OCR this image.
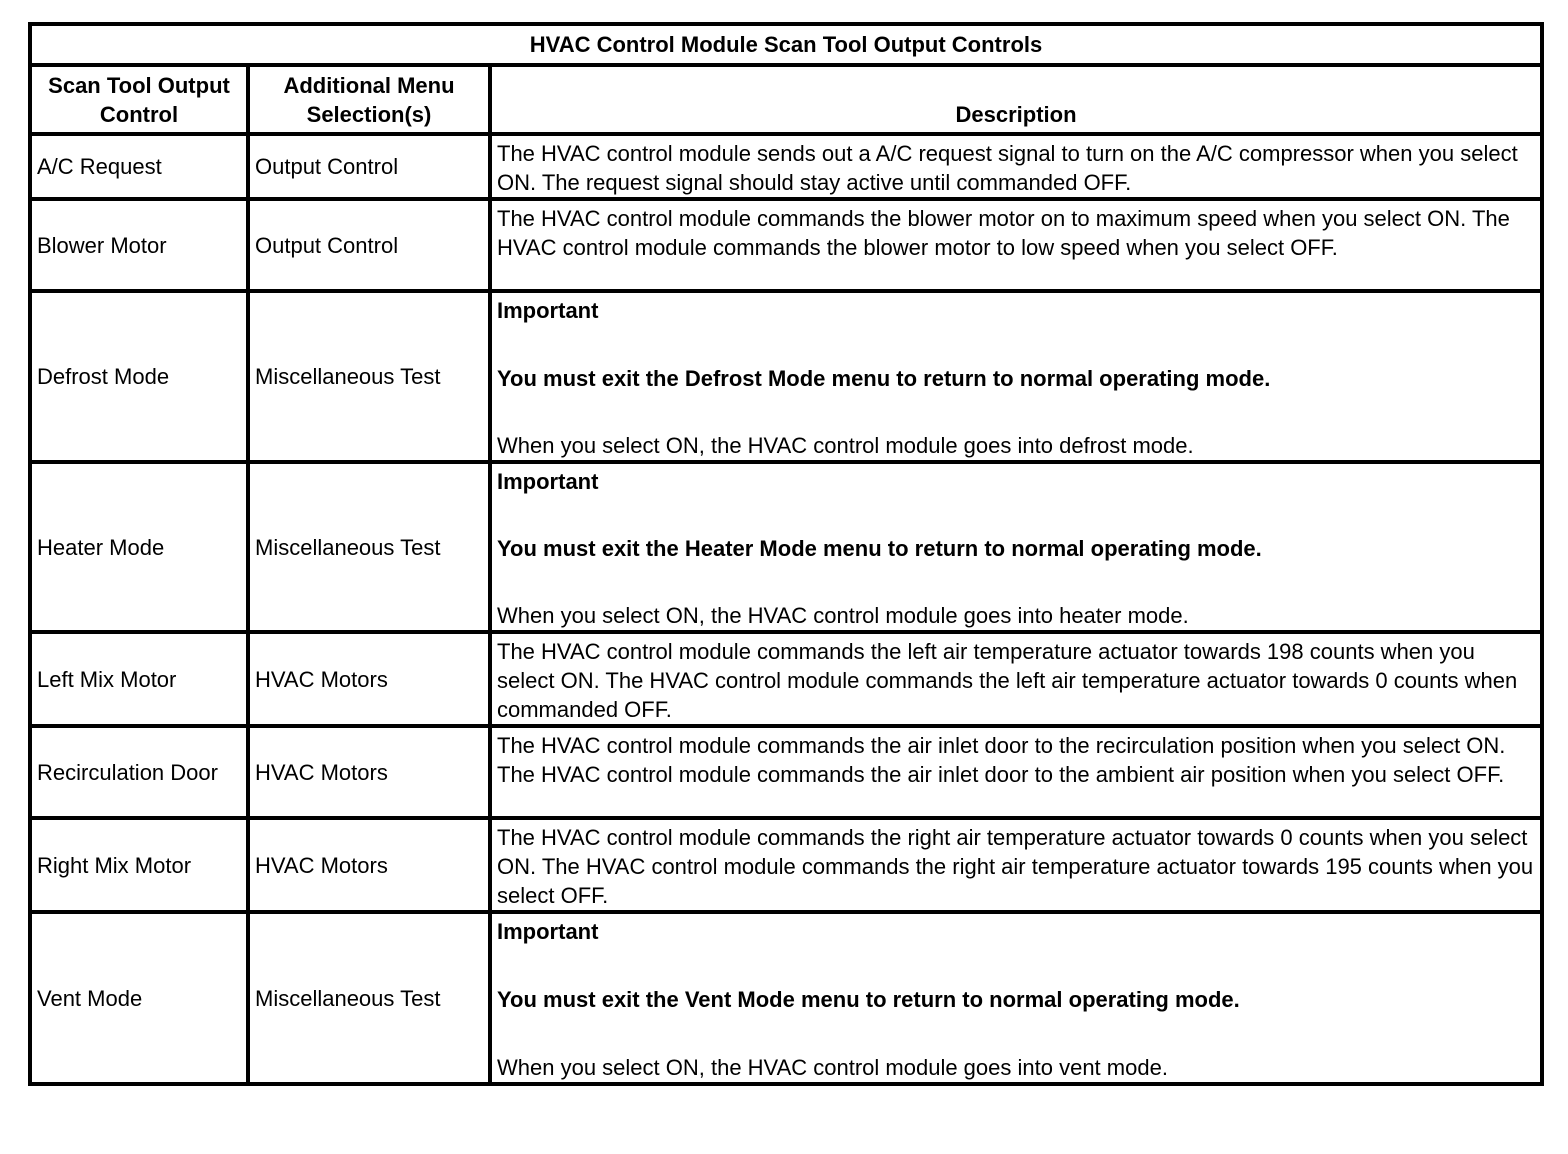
HVAC Control Module Scan Tool Output Controls		
Scan Tool Output Control	Additional Menu Selection(s)	Description
A/C Request	Output Control	The HVAC control module sends out a A/C request signal to turn on the A/C compressor when you select ON. The request signal should stay active until commanded OFF.
Blower Motor	Output Control	The HVAC control module commands the blower motor on to maximum speed when you select ON. The HVAC control module commands the blower motor to low speed when you select OFF.
Defrost Mode	Miscellaneous Test	Important
You must exit the Defrost Mode menu to return to normal operating mode.
When you select ON, the HVAC control module goes into defrost mode.

Heater Mode	Miscellaneous Test	Important
You must exit the Heater Mode menu to return to normal operating mode.
When you select ON, the HVAC control module goes into heater mode.

Left Mix Motor	HVAC Motors	The HVAC control module commands the left air temperature actuator towards 198 counts when you select ON. The HVAC control module commands the left air temperature actuator towards 0 counts when commanded OFF.
Recirculation Door	HVAC Motors	The HVAC control module commands the air inlet door to the recirculation position when you select ON. The HVAC control module commands the air inlet door to the ambient air position when you select OFF.
Right Mix Motor	HVAC Motors	The HVAC control module commands the right air temperature actuator towards 0 counts when you select ON. The HVAC control module commands the right air temperature actuator towards 195 counts when you select OFF.
Vent Mode	Miscellaneous Test	Important
You must exit the Vent Mode menu to return to normal operating mode.
When you select ON, the HVAC control module goes into vent mode.
